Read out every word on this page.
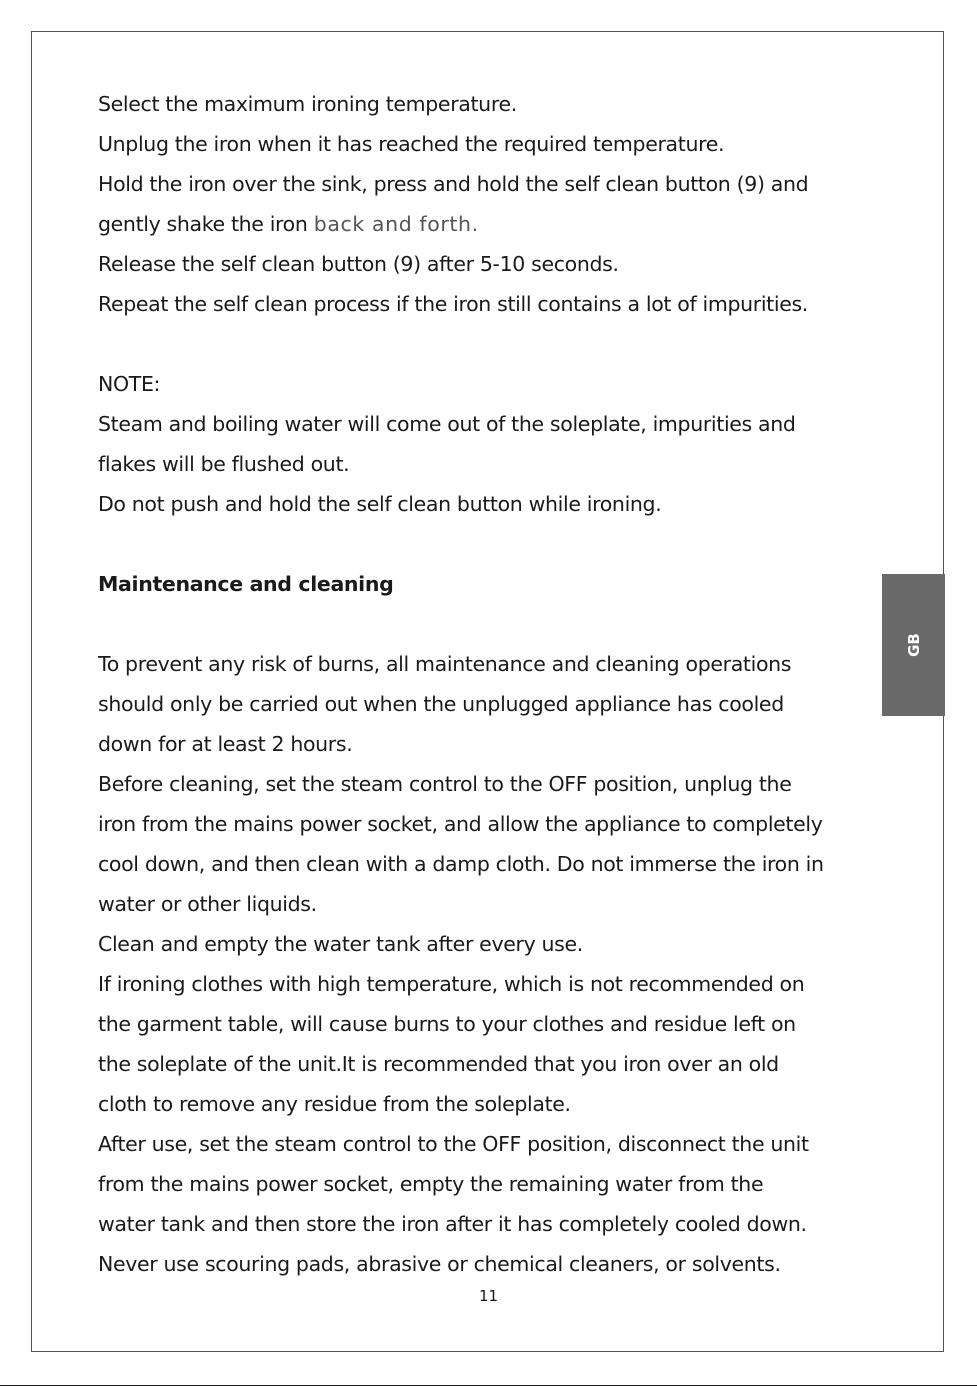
Select the maximum ironing temperature.
Unplug the iron when it has reached the required temperature.
Hold the iron over the sink, press and hold the self clean button (9) and
gently shake the iron back and forth.
Release the self clean button (9) after 5-10 seconds.
Repeat the self clean process if the iron still contains a lot of impurities.
NOTE:
Steam and boiling water will come out of the soleplate, impurities and
flakes will be flushed out.
Do not push and hold the self clean button while ironing.
Maintenance and cleaning
To prevent any risk of burns, all maintenance and cleaning operations
should only be carried out when the unplugged appliance has cooled
down for at least 2 hours.
Before cleaning, set the steam control to the OFF position, unplug the
iron from the mains power socket, and allow the appliance to completely
cool down, and then clean with a damp cloth. Do not immerse the iron in
water or other liquids.
Clean and empty the water tank after every use.
If ironing clothes with high temperature, which is not recommended on
the garment table, will cause burns to your clothes and residue left on
the soleplate of the unit.It is recommended that you iron over an old
cloth to remove any residue from the soleplate.
After use, set the steam control to the OFF position, disconnect the unit
from the mains power socket, empty the remaining water from the
water tank and then store the iron after it has completely cooled down.
Never use scouring pads, abrasive or chemical cleaners, or solvents.
GB
11
